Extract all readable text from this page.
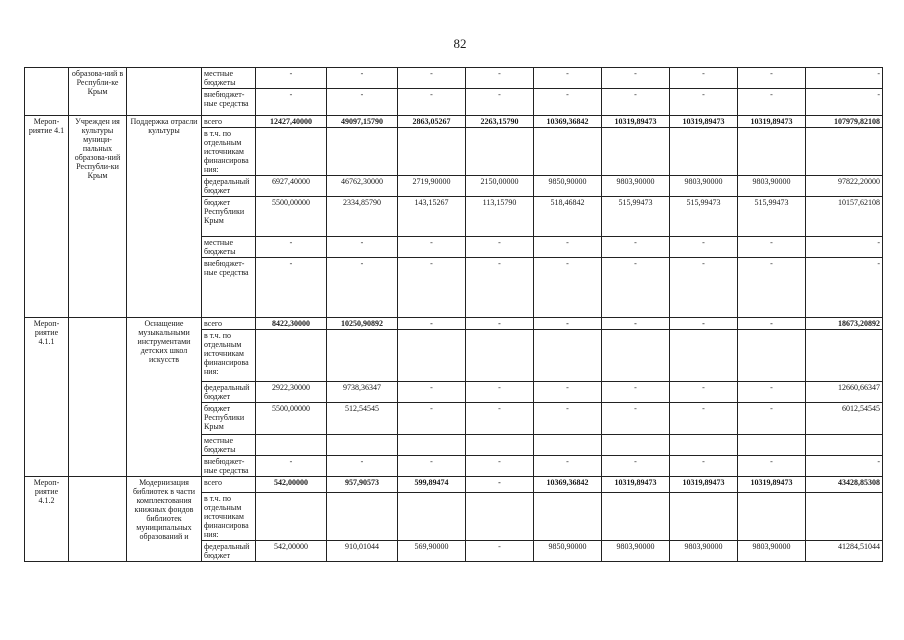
82
	образова-ний в Республи-ке Крым		местные бюджеты	-	-	-	-	-	-	-	-	-
			внебюджет-ные средства	-	-	-	-	-	-	-	-	-
Мероп-риятие 4.1	Учрежден ия культуры муници-пальных образова-ний Республи-ки Крым	Поддержка отрасли культуры	всего	12427,40000	49097,15790	2863,05267	2263,15790	10369,36842	10319,89473	10319,89473	10319,89473	107979,82108
			в т.ч. по отдельным источникам финансирова ния:									
			федеральный бюджет	6927,40000	46762,30000	2719,90000	2150,00000	9850,90000	9803,90000	9803,90000	9803,90000	97822,20000
			бюджет Республики Крым	5500,00000	2334,85790	143,15267	113,15790	518,46842	515,99473	515,99473	515,99473	10157,62108
			местные бюджеты	-	-	-	-	-	-	-	-	-
			внебюджет-ные средства	-	-	-	-	-	-	-	-	-
Мероп-риятие 4.1.1		Оснащение музыкальными инструментами детских школ искусств	всего	8422,30000	10250,90892	-	-	-	-	-	-	18673,20892
			в т.ч. по отдельным источникам финансирова ния:									
			федеральный бюджет	2922,30000	9738,36347	-	-	-	-	-	-	12660,66347
			бюджет Республики Крым	5500,00000	512,54545	-	-	-	-	-	-	6012,54545
			местные бюджеты									
			внебюджет-ные средства	-	-	-	-	-	-	-	-	-
Мероп-риятие 4.1.2		Модернизация библиотек в части комплектования книжных фондов библиотек муниципальных образований и	всего	542,00000	957,90573	599,89474	-	10369,36842	10319,89473	10319,89473	10319,89473	43428,85308
			в т.ч. по отдельным источникам финансирова ния:									
			федеральный бюджет	542,00000	910,01044	569,90000	-	9850,90000	9803,90000	9803,90000	9803,90000	41284,51044
